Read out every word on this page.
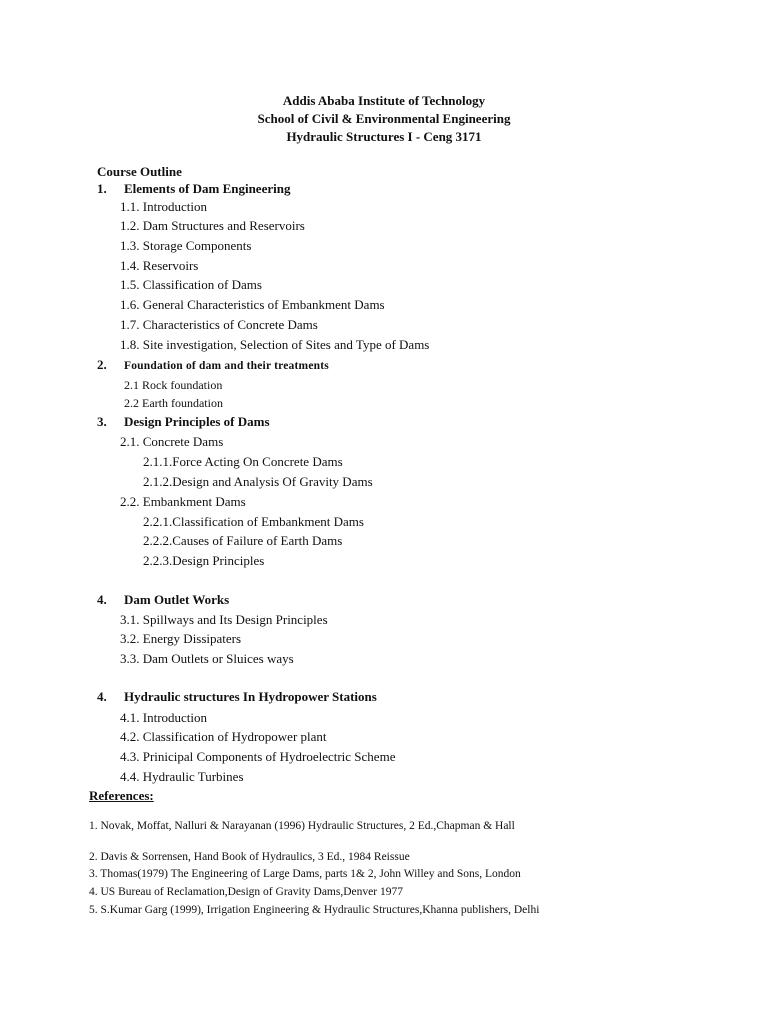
Addis Ababa Institute of Technology
School of Civil & Environmental Engineering
Hydraulic Structures I - Ceng 3171
Course Outline
1. Elements of Dam Engineering
1.1. Introduction
1.2. Dam Structures and Reservoirs
1.3. Storage Components
1.4. Reservoirs
1.5. Classification of Dams
1.6. General Characteristics of Embankment Dams
1.7. Characteristics of Concrete Dams
1.8. Site investigation, Selection of Sites and Type of Dams
2. Foundation of dam and their treatments
2.1 Rock foundation
2.2 Earth foundation
3. Design Principles of Dams
2.1. Concrete Dams
2.1.1.Force Acting On Concrete Dams
2.1.2.Design and Analysis Of Gravity Dams
2.2. Embankment Dams
2.2.1.Classification of Embankment Dams
2.2.2.Causes of Failure of Earth Dams
2.2.3.Design Principles
4. Dam Outlet Works
3.1. Spillways and Its Design Principles
3.2. Energy Dissipaters
3.3. Dam Outlets or Sluices ways
4. Hydraulic structures In Hydropower Stations
4.1. Introduction
4.2. Classification of Hydropower plant
4.3. Prinicipal Components of Hydroelectric Scheme
4.4. Hydraulic Turbines
References:
1. Novak, Moffat, Nalluri & Narayanan (1996) Hydraulic Structures, 2 Ed.,Chapman & Hall
2. Davis & Sorrensen, Hand Book of Hydraulics, 3 Ed., 1984 Reissue
3. Thomas(1979) The Engineering of Large Dams, parts 1& 2, John Willey and Sons, London
4. US Bureau of Reclamation,Design of Gravity Dams,Denver 1977
5. S.Kumar Garg (1999), Irrigation Engineering & Hydraulic Structures,Khanna publishers, Delhi
